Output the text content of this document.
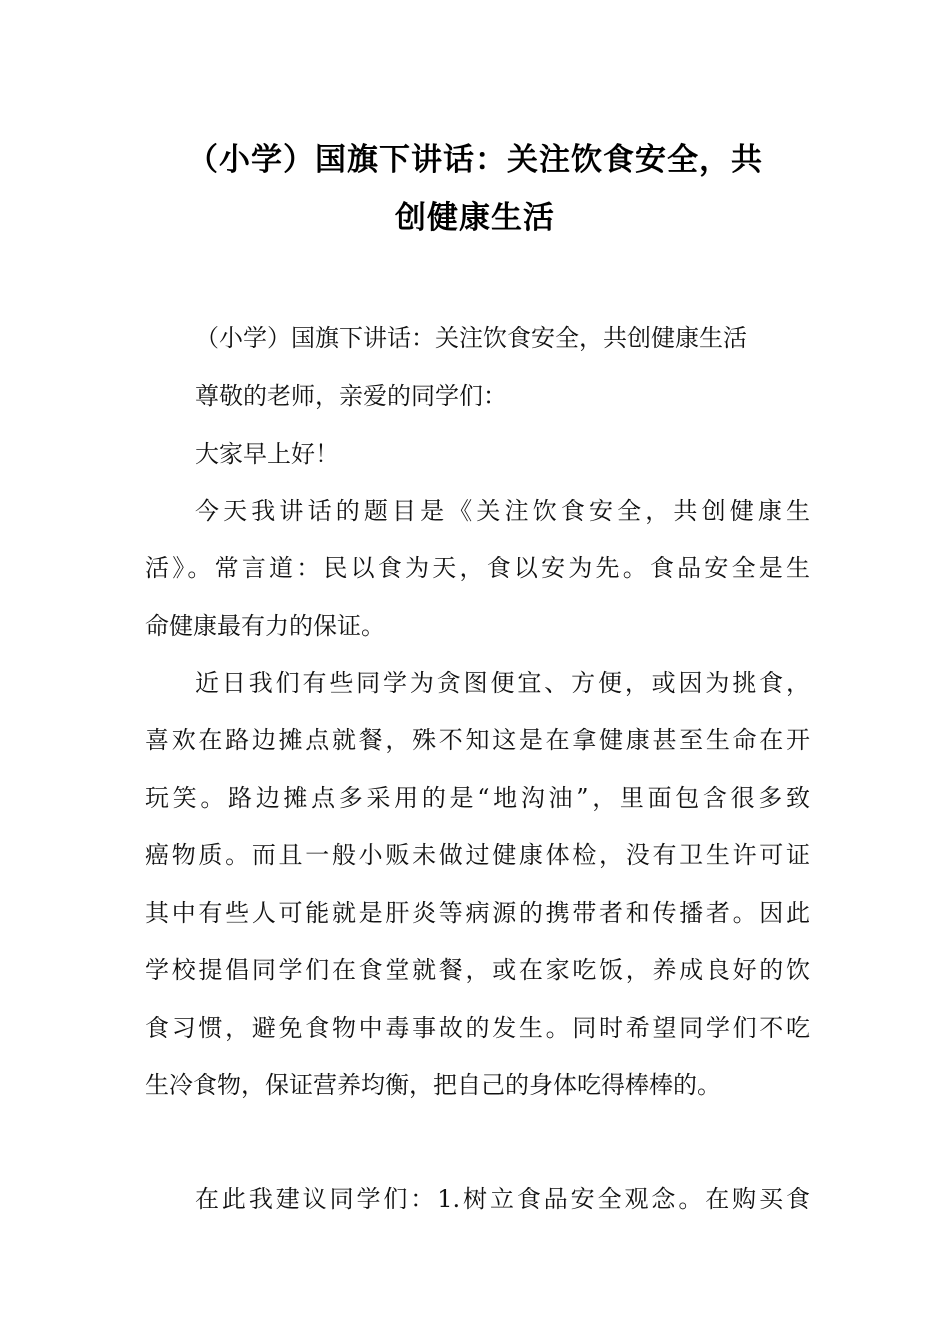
（小学）国旗下讲话：关注饮食安全，共
创健康生活
（小学）国旗下讲话：关注饮食安全，共创健康生活
尊敬的老师，亲爱的同学们：
大家早上好！
今天我讲话的题目是《关注饮食安全，共创健康生
活》。常言道：民以食为天，食以安为先。食品安全是生
命健康最有力的保证。
近日我们有些同学为贪图便宜、方便，或因为挑食，
喜欢在路边摊点就餐，殊不知这是在拿健康甚至生命在开
玩笑。路边摊点多采用的是“地沟油”，里面包含很多致
癌物质。而且一般小贩未做过健康体检，没有卫生许可证
其中有些人可能就是肝炎等病源的携带者和传播者。因此
学校提倡同学们在食堂就餐，或在家吃饭，养成良好的饮
食习惯，避免食物中毒事故的发生。同时希望同学们不吃
生冷食物，保证营养均衡，把自己的身体吃得棒棒的。
在此我建议同学们：1.树立食品安全观念。在购买食
